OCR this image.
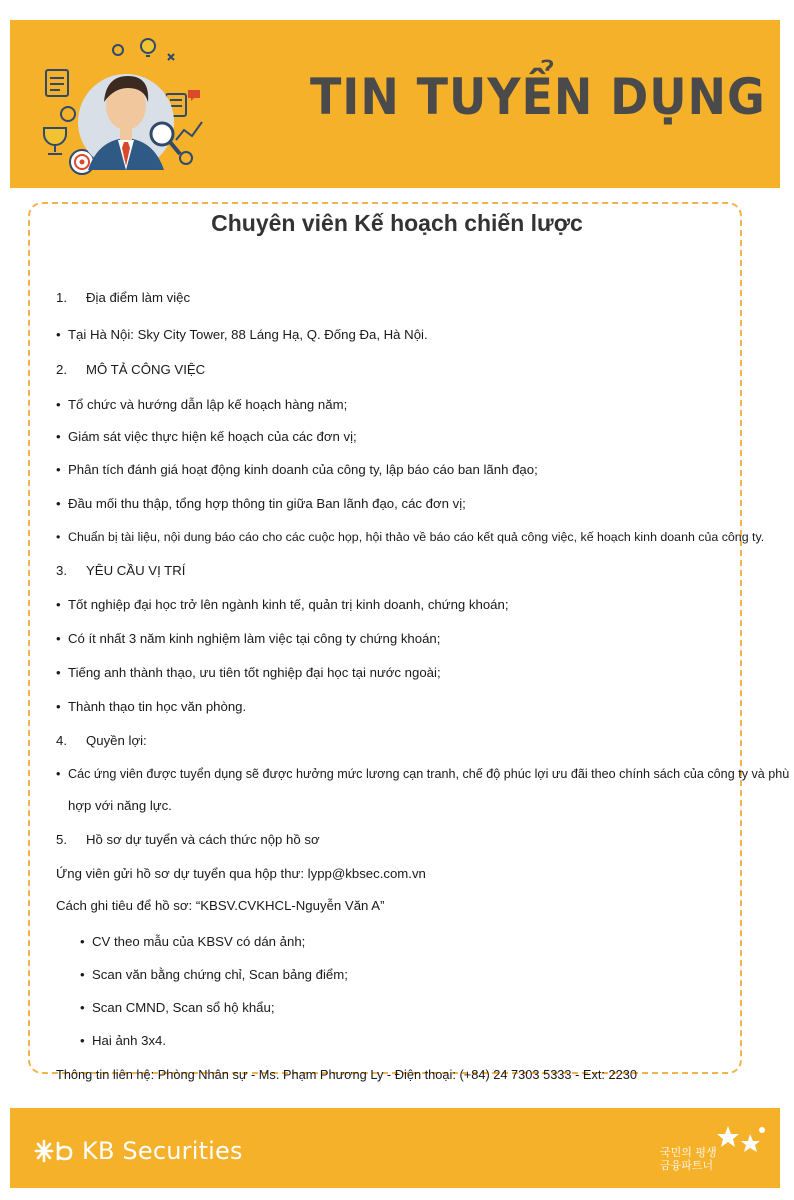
TIN TUYỂN DỤNG
Chuyên viên Kế hoạch chiến lược
1. Địa điểm làm việc
• Tại Hà Nội: Sky City Tower, 88 Láng Hạ, Q. Đống Đa, Hà Nội.
2. MÔ TẢ CÔNG VIỆC
• Tổ chức và hướng dẫn lập kế hoạch hàng năm;
• Giám sát việc thực hiện kế hoạch của các đơn vị;
• Phân tích đánh giá hoạt động kinh doanh của công ty, lập báo cáo ban lãnh đạo;
• Đầu mối thu thập, tổng hợp thông tin giữa Ban lãnh đạo, các đơn vị;
• Chuẩn bị tài liệu, nội dung báo cáo cho các cuộc họp, hội thảo về báo cáo kết quả công việc, kế hoạch kinh doanh của công ty.
3. YÊU CẦU VỊ TRÍ
• Tốt nghiệp đại học trở lên ngành kinh tế, quản trị kinh doanh, chứng khoán;
• Có ít nhất 3 năm kinh nghiệm làm việc tại công ty chứng khoán;
• Tiếng anh thành thạo, ưu tiên tốt nghiệp đại học tại nước ngoài;
• Thành thạo tin học văn phòng.
4. Quyền lợi:
• Các ứng viên được tuyển dụng sẽ được hưởng mức lương cạn tranh, chế độ phúc lợi ưu đãi theo chính sách của công ty và phù
hợp với năng lực.
5. Hồ sơ dự tuyển và cách thức nộp hồ sơ
Ứng viên gửi hồ sơ dự tuyển qua hộp thư: lypp@kbsec.com.vn
Cách ghi tiêu để hồ sơ: “KBSV.CVKHCL-Nguyễn Văn A”
• CV theo mẫu của KBSV có dán ảnh;
• Scan văn bằng chứng chỉ, Scan bảng điểm;
• Scan CMND, Scan sổ hộ khẩu;
• Hai ảnh 3x4.
Thông tin liên hệ: Phòng Nhân sự - Ms. Phạm Phương Ly - Điện thoại: (+84) 24 7303 5333 - Ext: 2230
KB Securities	국민의 평생
금융파트너
